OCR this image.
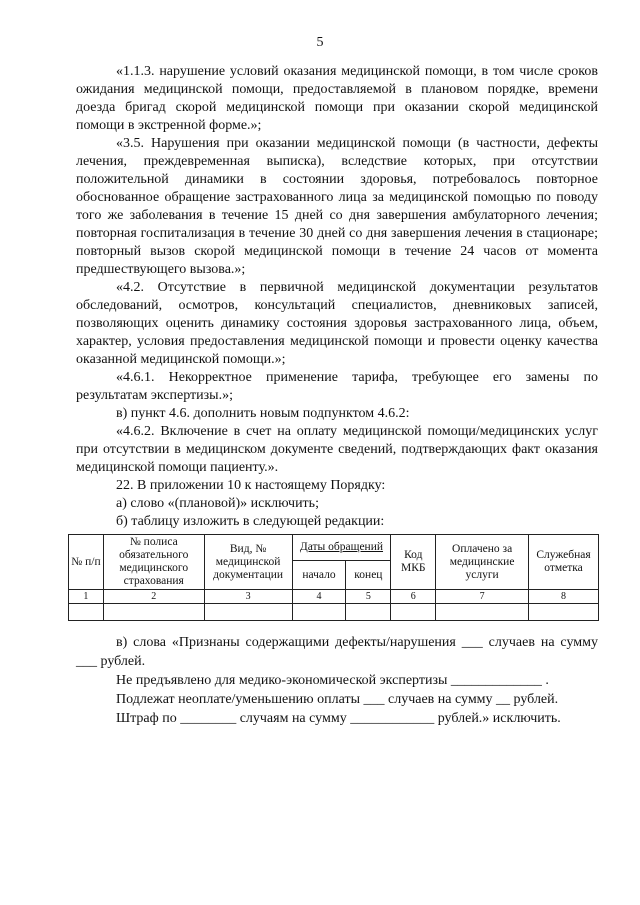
5

«1.1.3. нарушение условий оказания медицинской помощи, в том числе сроков ожидания медицинской помощи, предоставляемой в плановом порядке, времени доезда бригад скорой медицинской помощи при оказании скорой медицинской помощи в экстренной форме.»;

«3.5. Нарушения при оказании медицинской помощи (в частности, дефекты лечения, преждевременная выписка), вследствие которых, при отсутствии положительной динамики в состоянии здоровья, потребовалось повторное обоснованное обращение застрахованного лица за медицинской помощью по поводу того же заболевания в течение 15 дней со дня завершения амбулаторного лечения; повторная госпитализация в течение 30 дней со дня завершения лечения в стационаре; повторный вызов скорой медицинской помощи в течение 24 часов от момента предшествующего вызова.»;

«4.2. Отсутствие в первичной медицинской документации результатов обследований, осмотров, консультаций специалистов, дневниковых записей, позволяющих оценить динамику состояния здоровья застрахованного лица, объем, характер, условия предоставления медицинской помощи и провести оценку качества оказанной медицинской помощи.»;

«4.6.1. Некорректное применение тарифа, требующее его замены по результатам экспертизы.»;

в) пункт 4.6. дополнить новым подпунктом 4.6.2:

«4.6.2. Включение в счет на оплату медицинской помощи/медицинских услуг при отсутствии в медицинском документе сведений, подтверждающих факт оказания медицинской помощи пациенту.».

22. В приложении 10 к настоящему Порядку:

а) слово «(плановой)» исключить;

б) таблицу изложить в следующей редакции:

№ п/п	№ полиса обязательного медицинского страхования	Вид, № медицинской документации	Даты обращений		Код МКБ	Оплачено за медицинские услуги	Служебная отметка
			начало	конец			
1	2	3	4	5	6	7	8

в) слова «Признаны содержащими дефекты/нарушения ___ случаев на сумму ___ рублей.

Не предъявлено для медико-экономической экспертизы _____________ .

Подлежат неоплате/уменьшению оплаты ___ случаев на сумму __ рублей.

Штраф по ________ случаям на сумму ____________ рублей.» исключить.
